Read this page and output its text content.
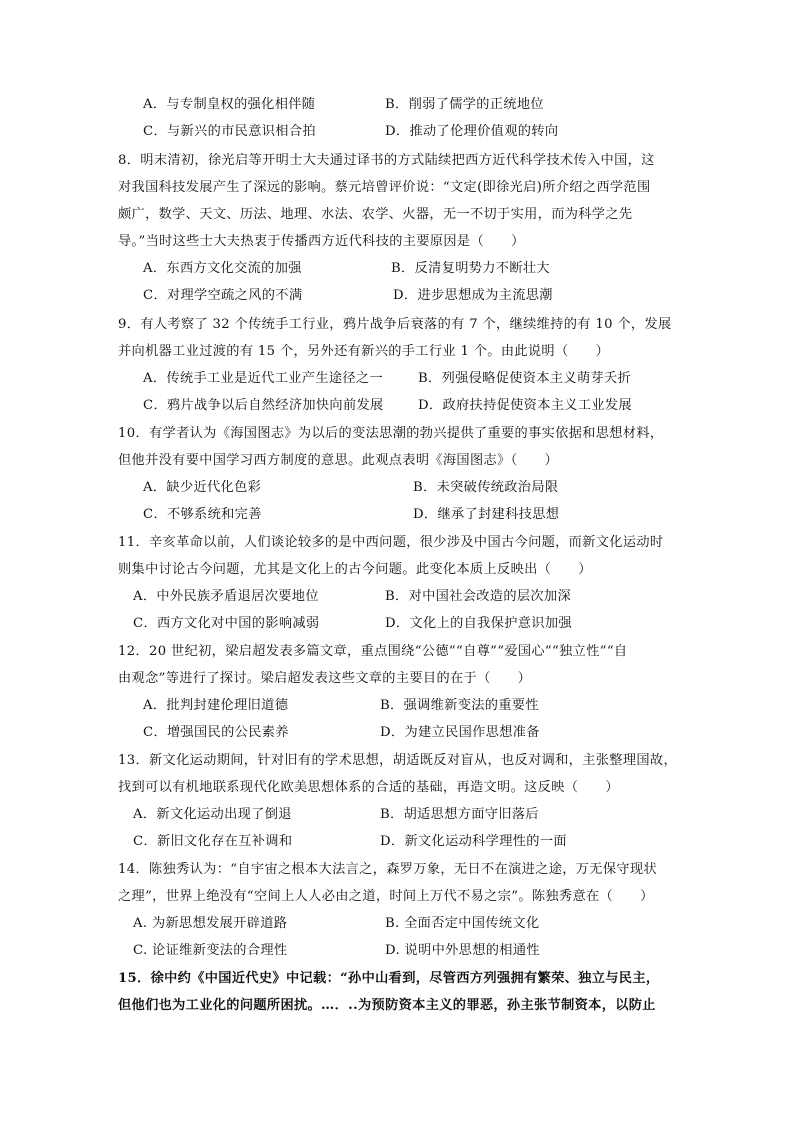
A．与专制皇权的强化相伴随	B．削弱了儒学的正统地位
C．与新兴的市民意识相合拍	D．推动了伦理价值观的转向
8．明末清初，徐光启等开明士大夫通过译书的方式陆续把西方近代科学技术传入中国，这
对我国科技发展产生了深远的影响。蔡元培曾评价说：“文定(即徐光启)所介绍之西学范围
颇广，数学、天文、历法、地理、水法、农学、火器，无一不切于实用，而为科学之先
导。”当时这些士大夫热衷于传播西方近代科技的主要原因是（　　）
A．东西方文化交流的加强	B．反清复明势力不断壮大
C．对理学空疏之风的不满	D．进步思想成为主流思潮
9．有人考察了 32 个传统手工行业，鸦片战争后衰落的有 7 个，继续维持的有 10 个，发展
并向机器工业过渡的有 15 个，另外还有新兴的手工行业 1 个。由此说明（　　）
A．传统手工业是近代工业产生途径之一	B．列强侵略促使资本主义萌芽夭折
C．鸦片战争以后自然经济加快向前发展	D．政府扶持促使资本主义工业发展
10．有学者认为《海国图志》为以后的变法思潮的勃兴提供了重要的事实依据和思想材料，
但他并没有要中国学习西方制度的意思。此观点表明《海国图志》（　　）
A．缺少近代化色彩	B．未突破传统政治局限
C．不够系统和完善	D．继承了封建科技思想
11．辛亥革命以前，人们谈论较多的是中西问题，很少涉及中国古今问题，而新文化运动时
则集中讨论古今问题，尤其是文化上的古今问题。此变化本质上反映出（　　）
A．中外民族矛盾退居次要地位	B．对中国社会改造的层次加深
C．西方文化对中国的影响减弱	D．文化上的自我保护意识加强
12．20 世纪初，梁启超发表多篇文章，重点围绕“公德”“自尊”“爱国心”“独立性”“自
由观念”等进行了探讨。梁启超发表这些文章的主要目的在于（　　）
A．批判封建伦理旧道德	B．强调维新变法的重要性
C．增强国民的公民素养	D．为建立民国作思想准备
13．新文化运动期间，针对旧有的学术思想，胡适既反对盲从，也反对调和，主张整理国故，
找到可以有机地联系现代化欧美思想体系的合适的基础，再造文明。这反映（　　）
A．新文化运动出现了倒退	B．胡适思想方面守旧落后
C．新旧文化存在互补调和	D．新文化运动科学理性的一面
14．陈独秀认为：“自宇宙之根本大法言之，森罗万象，无日不在演进之途，万无保守现状
之理”，世界上绝没有“空间上人人必由之道，时间上万代不易之宗”。陈独秀意在（　　）
A. 为新思想发展开辟道路	B. 全面否定中国传统文化
C. 论证维新变法的合理性	D. 说明中外思想的相通性
15．徐中约《中国近代史》中记载：“孙中山看到，尽管西方列强拥有繁荣、独立与民主，
但他们也为工业化的问题所困扰。…．..为预防资本主义的罪恶，孙主张节制资本，以防止
